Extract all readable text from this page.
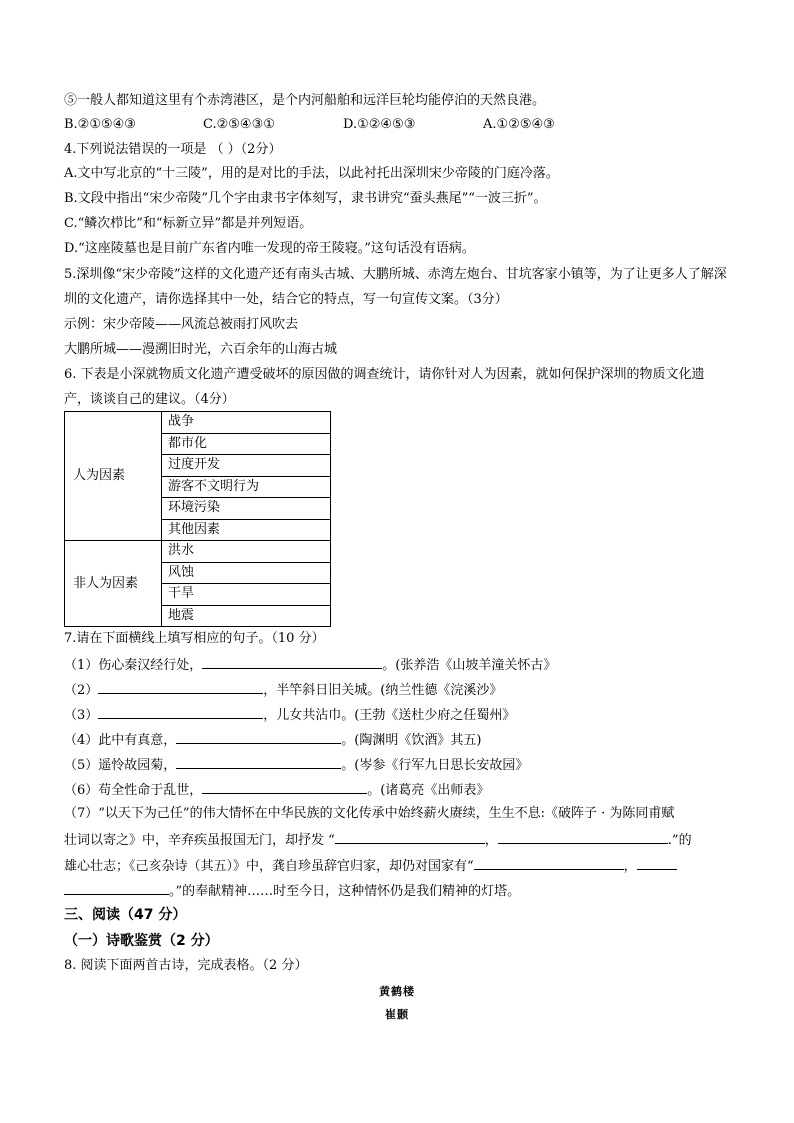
⑤一般人都知道这里有个赤湾港区，是个内河船舶和远洋巨轮均能停泊的天然良港。
B.②①⑤④③	C.②⑤④③①	D.①②④⑤③	A.①②⑤④③
4.下列说法错误的一项是 （ ）（2分）
A.文中写北京的“十三陵”，用的是对比的手法，以此衬托出深圳宋少帝陵的门庭冷落。
B.文段中指出“宋少帝陵”几个字由隶书字体刻写，隶书讲究“蚕头燕尾”“一波三折”。
C.“鳞次栉比”和“标新立异”都是并列短语。
D.“这座陵墓也是目前广东省内唯一发现的帝王陵寝。”这句话没有语病。
5.深圳像“宋少帝陵”这样的文化遗产还有南头古城、大鹏所城、赤湾左炮台、甘坑客家小镇等，为了让更多人了解深圳的文化遗产，请你选择其中一处，结合它的特点，写一句宣传文案。（3分）
示例：宋少帝陵——风流总被雨打风吹去
大鹏所城——漫溯旧时光，六百余年的山海古城
6. 下表是小深就物质文化遗产遭受破坏的原因做的调查统计，请你针对人为因素，就如何保护深圳的物质文化遗产，谈谈自己的建议。（4分）
人为因素	战争
	都市化
	过度开发
	游客不文明行为
	环境污染
	其他因素
非人为因素	洪水
	风蚀
	干旱
	地震
7.请在下面横线上填写相应的句子。（10 分）
（1）伤心秦汉经行处，	。(张养浩《山坡羊潼关怀古》
（2）	，半竿斜日旧关城。(纳兰性德《浣溪沙》
（3）	，儿女共沾巾。(王勃《送杜少府之任蜀州》
（4）此中有真意，	。(陶渊明《饮酒》其五)
（5）遥怜故园菊，	。(岑参《行军九日思长安故园》
（6）苟全性命于乱世，	。(诸葛亮《出师表》
（7）“以天下为己任”的伟大情怀在中华民族的文化传承中始终薪火赓续，生生不息:《破阵子 · 为陈同甫赋
壮词以寄之》中，辛弃疾虽报国无门，却抒发 “	，	.”的
雄心壮志；《己亥杂诗（其五）》中，龚自珍虽辞官归家，却仍对国家有“	，
。”的奉献精神……时至今日，这种情怀仍是我们精神的灯塔。
三、阅读（47 分）
（一）诗歌鉴赏（2 分）
8. 阅读下面两首古诗，完成表格。（2 分）
黄鹤楼
崔颢
